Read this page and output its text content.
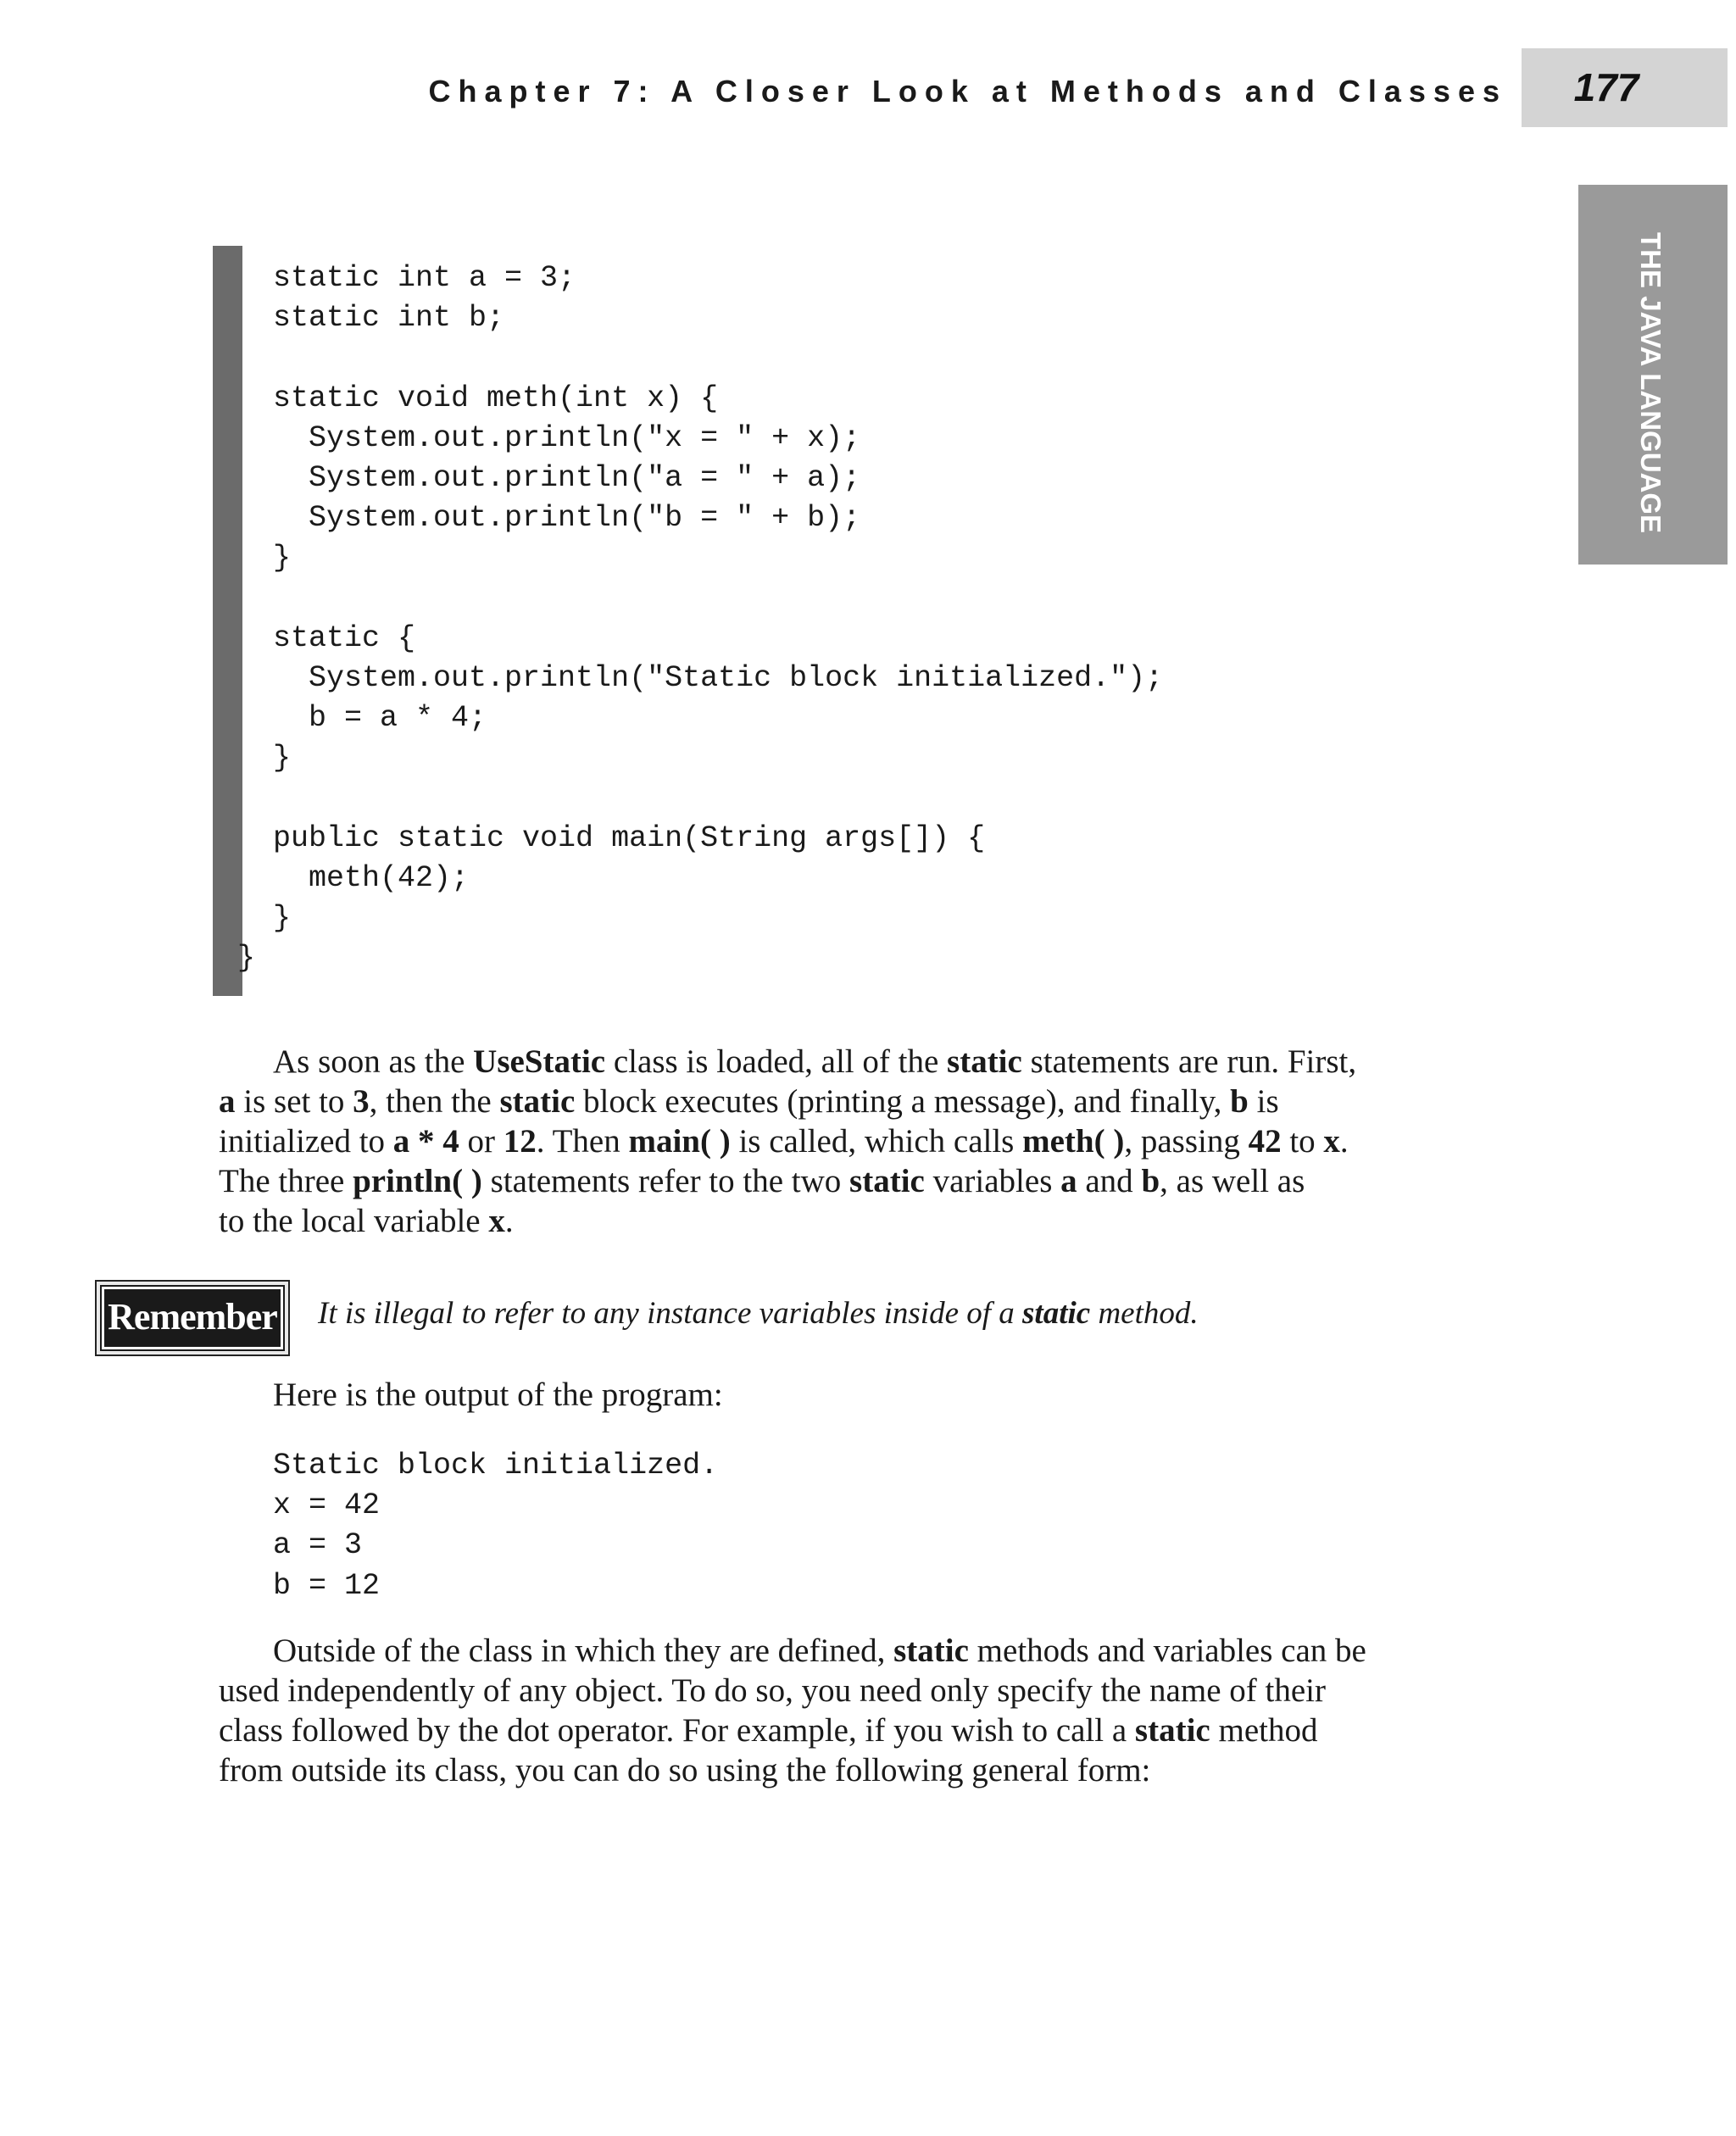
Chapter 7: A Closer Look at Methods and Classes	177
THE JAVA LANGUAGE
static int a = 3;
static int b;

static void meth(int x) {
System.out.println("x = " + x);
System.out.println("a = " + a);
System.out.println("b = " + b);
}

static {
System.out.println("Static block initialized.");
b = a * 4;
}

public static void main(String args[]) {
meth(42);
}
}

As soon as the UseStatic class is loaded, all of the static statements are run. First,
a is set to 3, then the static block executes (printing a message), and finally, b is
initialized to a * 4 or 12. Then main( ) is called, which calls meth( ), passing 42 to x.
The three println( ) statements refer to the two static variables a and b, as well as
to the local variable x.

Remember It is illegal to refer to any instance variables inside of a static method.

Here is the output of the program:

Static block initialized.
x = 42
a = 3
b = 12

Outside of the class in which they are defined, static methods and variables can be
used independently of any object. To do so, you need only specify the name of their
class followed by the dot operator. For example, if you wish to call a static method
from outside its class, you can do so using the following general form:
